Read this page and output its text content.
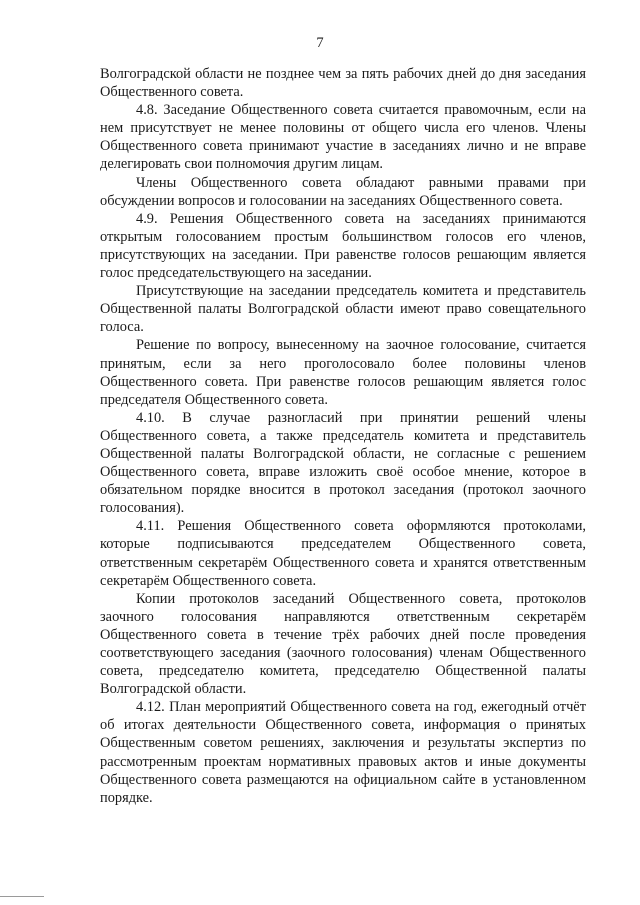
7

Волгоградской области не позднее чем за пять рабочих дней до дня заседания Общественного совета.

4.8. Заседание Общественного совета считается правомочным, если на нем присутствует не менее половины от общего числа его членов. Члены Общественного совета принимают участие в заседаниях лично и не вправе делегировать свои полномочия другим лицам.

Члены Общественного совета обладают равными правами при обсуждении вопросов и голосовании на заседаниях Общественного совета.

4.9. Решения Общественного совета на заседаниях принимаются открытым голосованием простым большинством голосов его членов, присутствующих на заседании. При равенстве голосов решающим является голос председательствующего на заседании.

Присутствующие на заседании председатель комитета и представитель Общественной палаты Волгоградской области имеют право совещательного голоса.

Решение по вопросу, вынесенному на заочное голосование, считается принятым, если за него проголосовало более половины членов Общественного совета. При равенстве голосов решающим является голос председателя Общественного совета.

4.10. В случае разногласий при принятии решений члены Общественного совета, а также председатель комитета и представитель Общественной палаты Волгоградской области, не согласные с решением Общественного совета, вправе изложить своё особое мнение, которое в обязательном порядке вносится в протокол заседания (протокол заочного голосования).

4.11. Решения Общественного совета оформляются протоколами, которые подписываются председателем Общественного совета, ответственным секретарём Общественного совета и хранятся ответственным секретарём Общественного совета.

Копии протоколов заседаний Общественного совета, протоколов заочного голосования направляются ответственным секретарём Общественного совета в течение трёх рабочих дней после проведения соответствующего заседания (заочного голосования) членам Общественного совета, председателю комитета, председателю Общественной палаты Волгоградской области.

4.12. План мероприятий Общественного совета на год, ежегодный отчёт об итогах деятельности Общественного совета, информация о принятых Общественным советом решениях, заключения и результаты экспертиз по рассмотренным проектам нормативных правовых актов и иные документы Общественного совета размещаются на официальном сайте в установленном порядке.
